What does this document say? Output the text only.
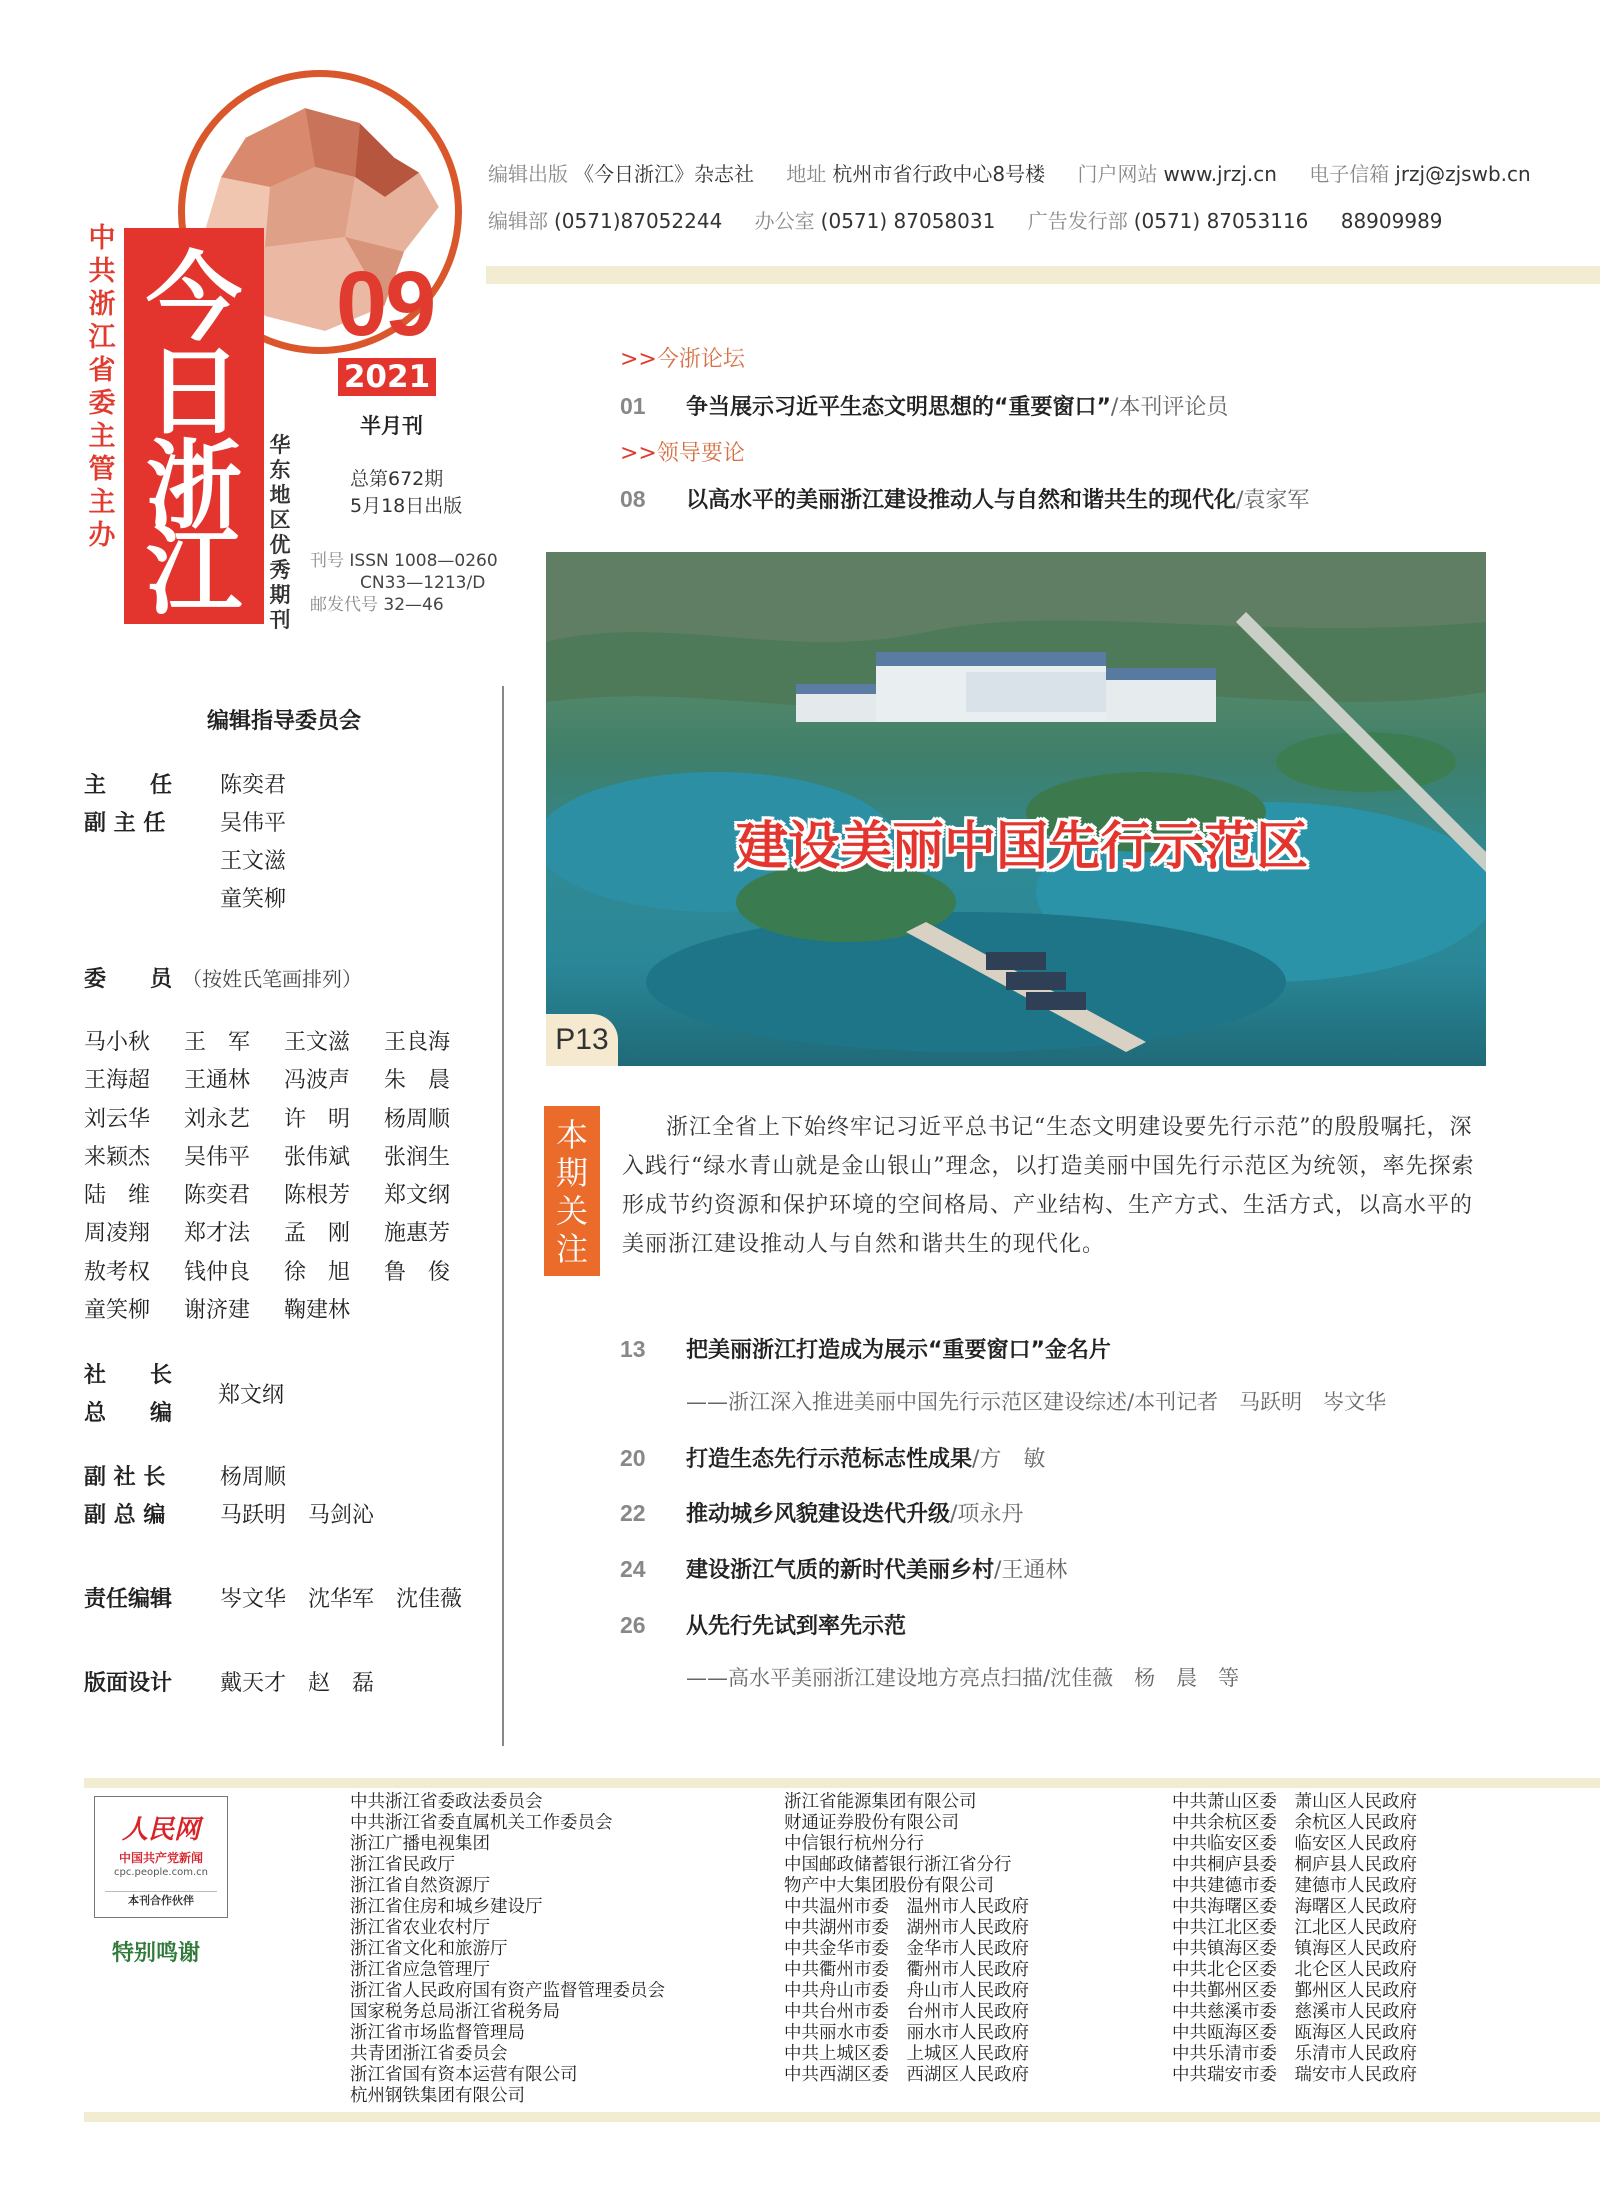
中共浙江省委主管主办
今
日
浙
江
09
2021
半月刊
华东地区优秀期刊
总第672期
5月18日出版
刊号 ISSN 1008—0260
CN33—1213/D
邮发代号 32—46
编辑出版 《今日浙江》杂志社 地址 杭州市省行政中心8号楼 门户网站 www.jrzj.cn 电子信箱 jrzj@zjswb.cn
编辑部 (0571)87052244 办公室 (0571) 87058031 广告发行部 (0571) 87053116 88909989
>>今浙论坛
01 争当展示习近平生态文明思想的“重要窗口”/本刊评论员
>>领导要论
08 以高水平的美丽浙江建设推动人与自然和谐共生的现代化/袁家军
建设美丽中国先行示范区
P13
本期关注
浙江全省上下始终牢记习近平总书记“生态文明建设要先行示范”的殷殷嘱托，深入践行“绿水青山就是金山银山”理念，以打造美丽中国先行示范区为统领，率先探索形成节约资源和保护环境的空间格局、产业结构、生产方式、生活方式，以高水平的美丽浙江建设推动人与自然和谐共生的现代化。
13 把美丽浙江打造成为展示“重要窗口”金名片
——浙江深入推进美丽中国先行示范区建设综述/本刊记者　马跃明　岑文华
20 打造生态先行示范标志性成果/方　敏
22 推动城乡风貌建设迭代升级/项永丹
24 建设浙江气质的新时代美丽乡村/王通林
26 从先行先试到率先示范
——高水平美丽浙江建设地方亮点扫描/沈佳薇　杨　晨　等
编辑指导委员会
主　　任 陈奕君
副 主 任 吴伟平
王文滋
童笑柳
委　　员 （按姓氏笔画排列）
马小秋 王　军 王文滋 王良海 王海超 王通林 冯波声 朱　晨 刘云华 刘永艺 许　明 杨周顺 来颖杰 吴伟平 张伟斌 张润生 陆　维 陈奕君 陈根芳 郑文纲 周凌翔 郑才法 孟　刚 施惠芳 敖考权 钱仲良 徐　旭 鲁　俊 童笑柳 谢济建 鞠建林
社　　长
总　　编
郑文纲
副 社 长 杨周顺
副 总 编 马跃明 马剑沁
责任编辑 岑文华 沈华军 沈佳薇
版面设计 戴天才 赵　磊
人民网
中国共产党新闻
cpc.people.com.cn
本刊合作伙伴
特别鸣谢
中共浙江省委政法委员会
中共浙江省委直属机关工作委员会
浙江广播电视集团
浙江省民政厅
浙江省自然资源厅
浙江省住房和城乡建设厅
浙江省农业农村厅
浙江省文化和旅游厅
浙江省应急管理厅
浙江省人民政府国有资产监督管理委员会
国家税务总局浙江省税务局
浙江省市场监督管理局
共青团浙江省委员会
浙江省国有资本运营有限公司
杭州钢铁集团有限公司
浙江省能源集团有限公司
财通证券股份有限公司
中信银行杭州分行
中国邮政储蓄银行浙江省分行
物产中大集团股份有限公司
中共温州市委　温州市人民政府
中共湖州市委　湖州市人民政府
中共金华市委　金华市人民政府
中共衢州市委　衢州市人民政府
中共舟山市委　舟山市人民政府
中共台州市委　台州市人民政府
中共丽水市委　丽水市人民政府
中共上城区委　上城区人民政府
中共西湖区委　西湖区人民政府
中共萧山区委　萧山区人民政府
中共余杭区委　余杭区人民政府
中共临安区委　临安区人民政府
中共桐庐县委　桐庐县人民政府
中共建德市委　建德市人民政府
中共海曙区委　海曙区人民政府
中共江北区委　江北区人民政府
中共镇海区委　镇海区人民政府
中共北仑区委　北仑区人民政府
中共鄞州区委　鄞州区人民政府
中共慈溪市委　慈溪市人民政府
中共瓯海区委　瓯海区人民政府
中共乐清市委　乐清市人民政府
中共瑞安市委　瑞安市人民政府
